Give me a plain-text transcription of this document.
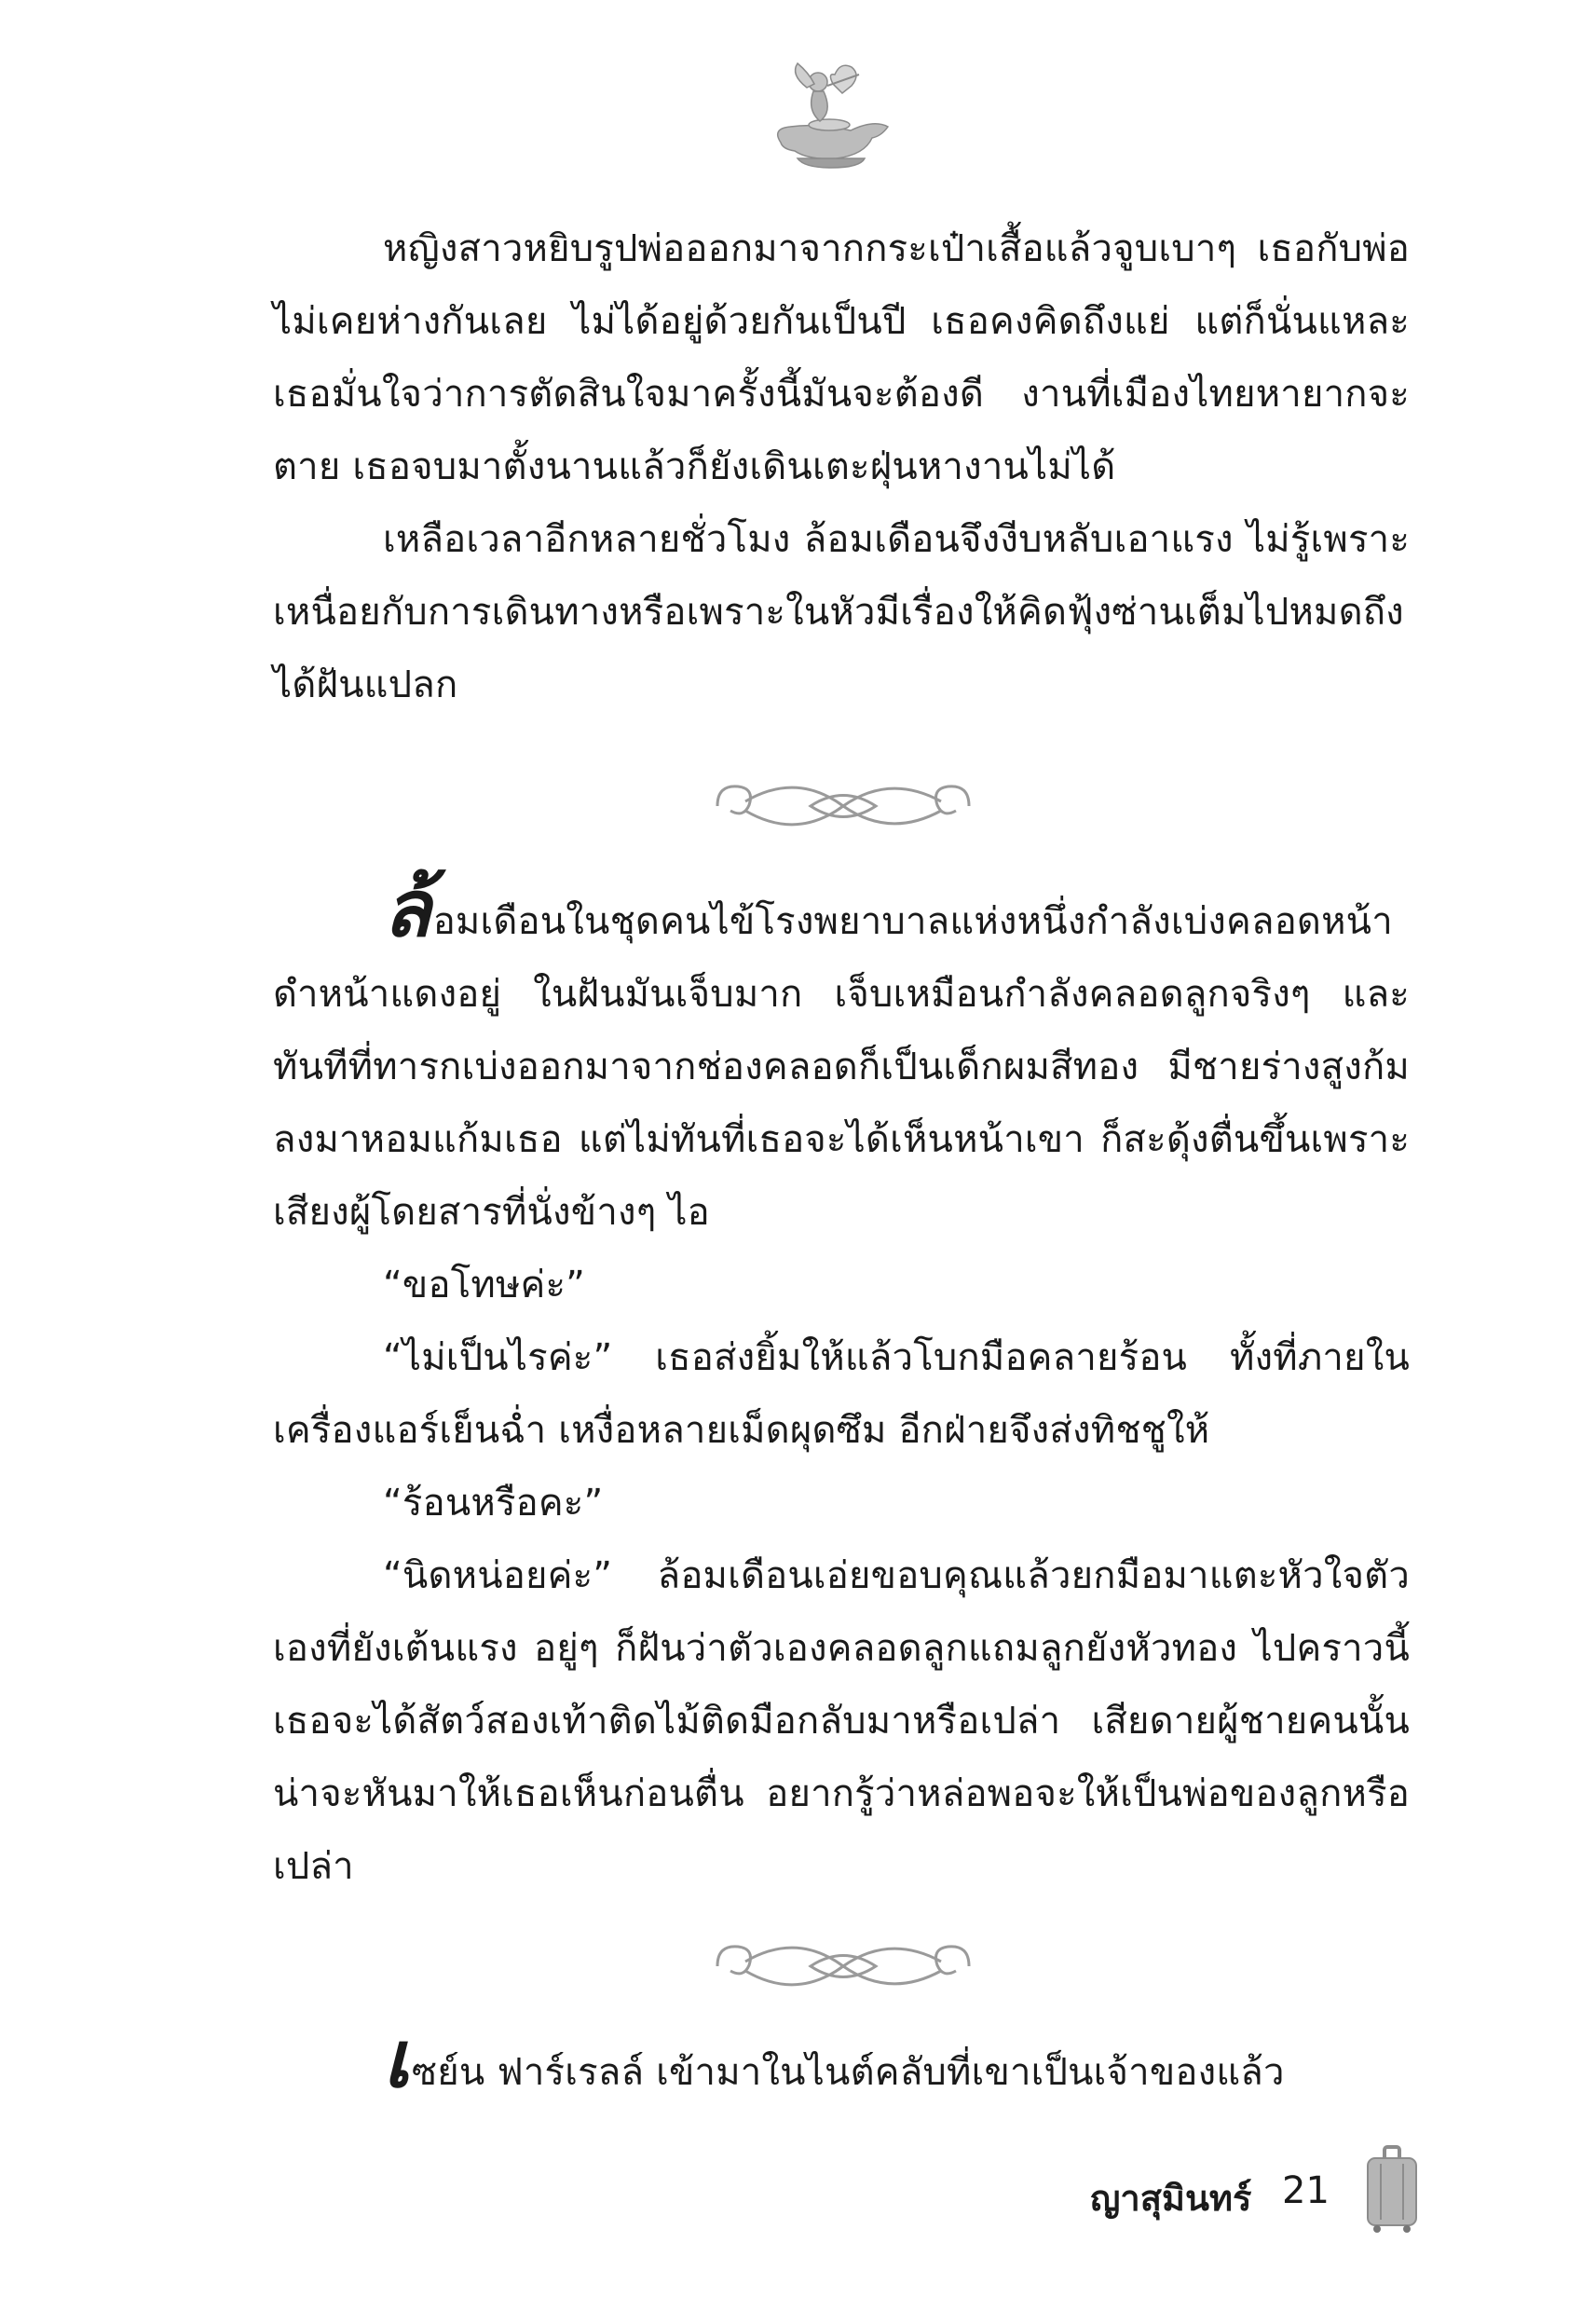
หญิงสาวหยิบรูปพ่อออกมาจากกระเป๋าเสื้อแล้วจูบเบาๆ เธอกับพ่อไม่เคยห่างกันเลย ไม่ได้อยู่ด้วยกันเป็นปี เธอคงคิดถึงแย่ แต่ก็นั่นแหละ เธอมั่นใจว่าการตัดสินใจมาครั้งนี้มันจะต้องดี งานที่เมืองไทยหายากจะตาย เธอจบมาตั้งนานแล้วก็ยังเดินเตะฝุ่นหางานไม่ได้

เหลือเวลาอีกหลายชั่วโมง ล้อมเดือนจึงงีบหลับเอาแรง ไม่รู้เพราะเหนื่อยกับการเดินทางหรือเพราะในหัวมีเรื่องให้คิดฟุ้งซ่านเต็มไปหมดถึงได้ฝันแปลก

ล้อมเดือนในชุดคนไข้โรงพยาบาลแห่งหนึ่งกำลังเบ่งคลอดหน้าดำหน้าแดงอยู่ ในฝันมันเจ็บมาก เจ็บเหมือนกำลังคลอดลูกจริงๆ และทันทีที่ทารกเบ่งออกมาจากช่องคลอดก็เป็นเด็กผมสีทอง มีชายร่างสูงก้มลงมาหอมแก้มเธอ แต่ไม่ทันที่เธอจะได้เห็นหน้าเขา ก็สะดุ้งตื่นขึ้นเพราะเสียงผู้โดยสารที่นั่งข้างๆ ไอ

“ขอโทษค่ะ”

“ไม่เป็นไรค่ะ” เธอส่งยิ้มให้แล้วโบกมือคลายร้อน ทั้งที่ภายในเครื่องแอร์เย็นฉ่ำ เหงื่อหลายเม็ดผุดซึม อีกฝ่ายจึงส่งทิชชูให้

“ร้อนหรือคะ”

“นิดหน่อยค่ะ” ล้อมเดือนเอ่ยขอบคุณแล้วยกมือมาแตะหัวใจตัวเองที่ยังเต้นแรง อยู่ๆ ก็ฝันว่าตัวเองคลอดลูกแถมลูกยังหัวทอง ไปคราวนี้เธอจะได้สัตว์สองเท้าติดไม้ติดมือกลับมาหรือเปล่า เสียดายผู้ชายคนนั้นน่าจะหันมาให้เธอเห็นก่อนตื่น อยากรู้ว่าหล่อพอจะให้เป็นพ่อของลูกหรือเปล่า

เซย์น ฟาร์เรลล์ เข้ามาในไนต์คลับที่เขาเป็นเจ้าของแล้ว

ญาสุมินทร์ 21
